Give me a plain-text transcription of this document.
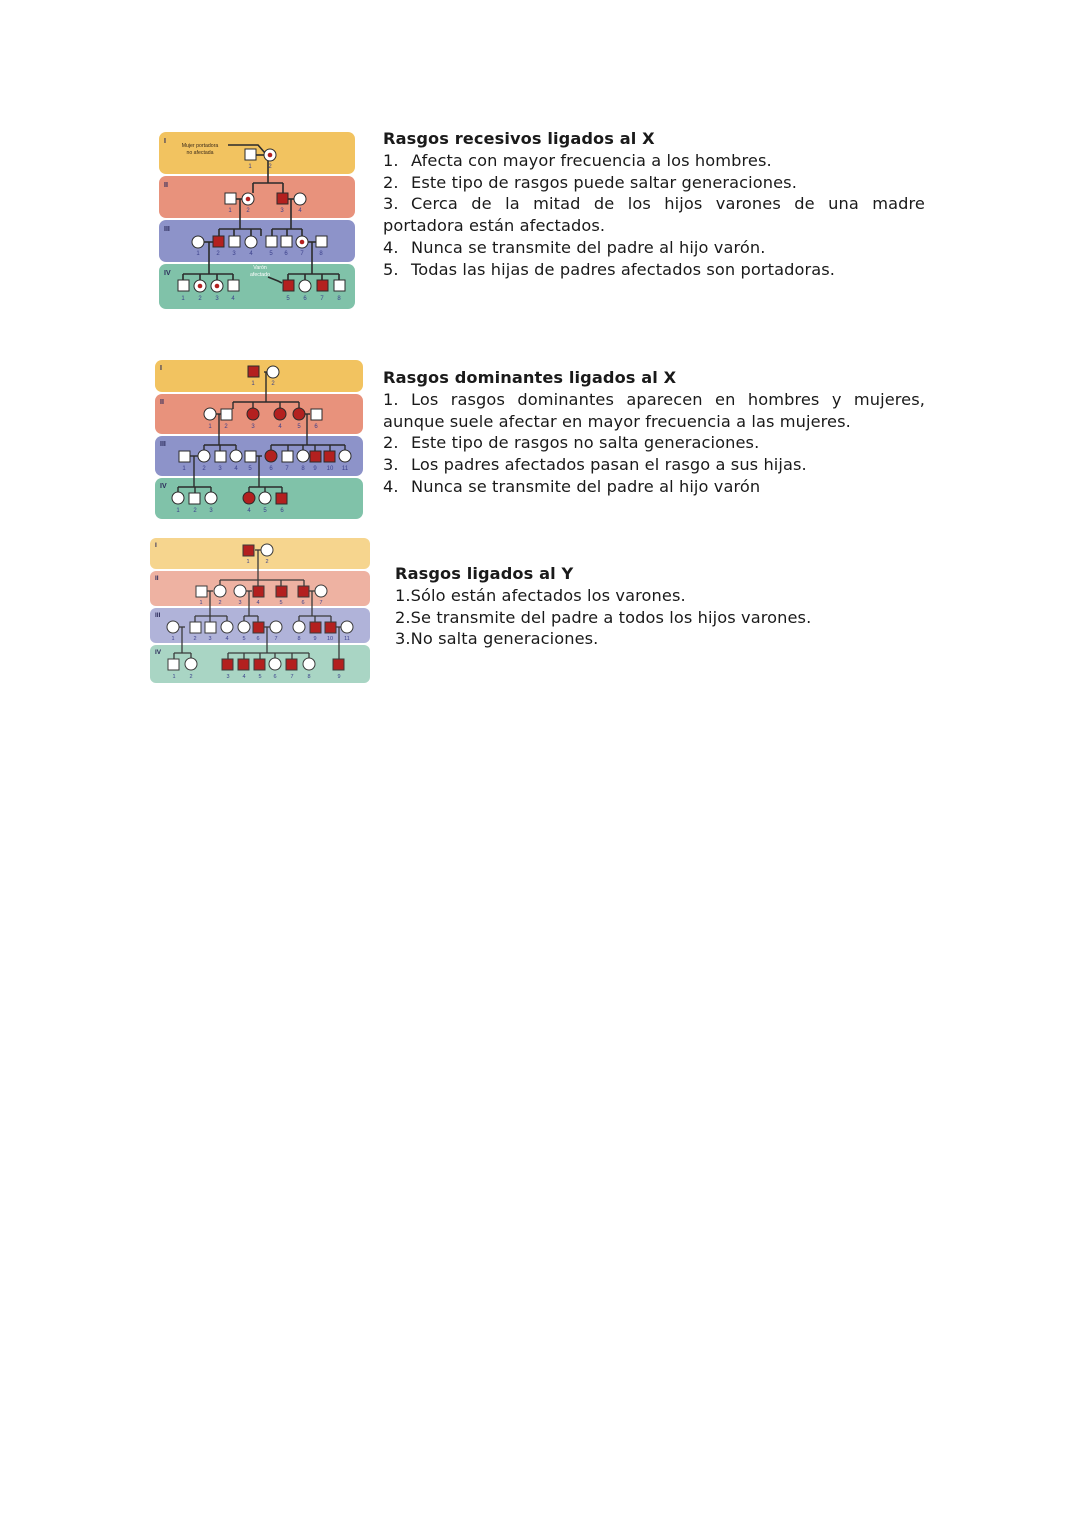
I
II
III
IV
Mujer portadora
no afectada
Varón
afectado
1	2
1 2	3 4
1	2 3 4	5 6 7	8
1 2 3 4	5 6 7 8
Rasgos recesivos ligados al X
1. Afecta con mayor frecuencia a los hombres.
2. Este tipo de rasgos puede saltar generaciones.
3. Cerca de la mitad de los hijos varones de una madre portadora están afectados.
4. Nunca se transmite del padre al hijo varón.
5. Todas las hijas de padres afectados son portadoras.
I
II
III
IV
1	2
1 2	3	4	5 6
1	2 3 4 5	6 7 8 9 10 11
1 2 3	4 5 6
Rasgos dominantes ligados al X
1. Los rasgos dominantes aparecen en hombres y mujeres, aunque suele afectar en mayor frecuencia a las mujeres.
2. Este tipo de rasgos no salta generaciones.
3. Los padres afectados pasan el rasgo a sus hijas.
4. Nunca se transmite del padre al hijo varón
I
II
III
IV
1	2
1	2	3	4	5	6	7
1	2 3	4	5 6	7	8 9 10 11
1	2	3 4 5 6	7	8	9
Rasgos ligados al Y
1.Sólo están afectados los varones.
2.Se transmite del padre a todos los hijos varones.
3.No salta generaciones.
